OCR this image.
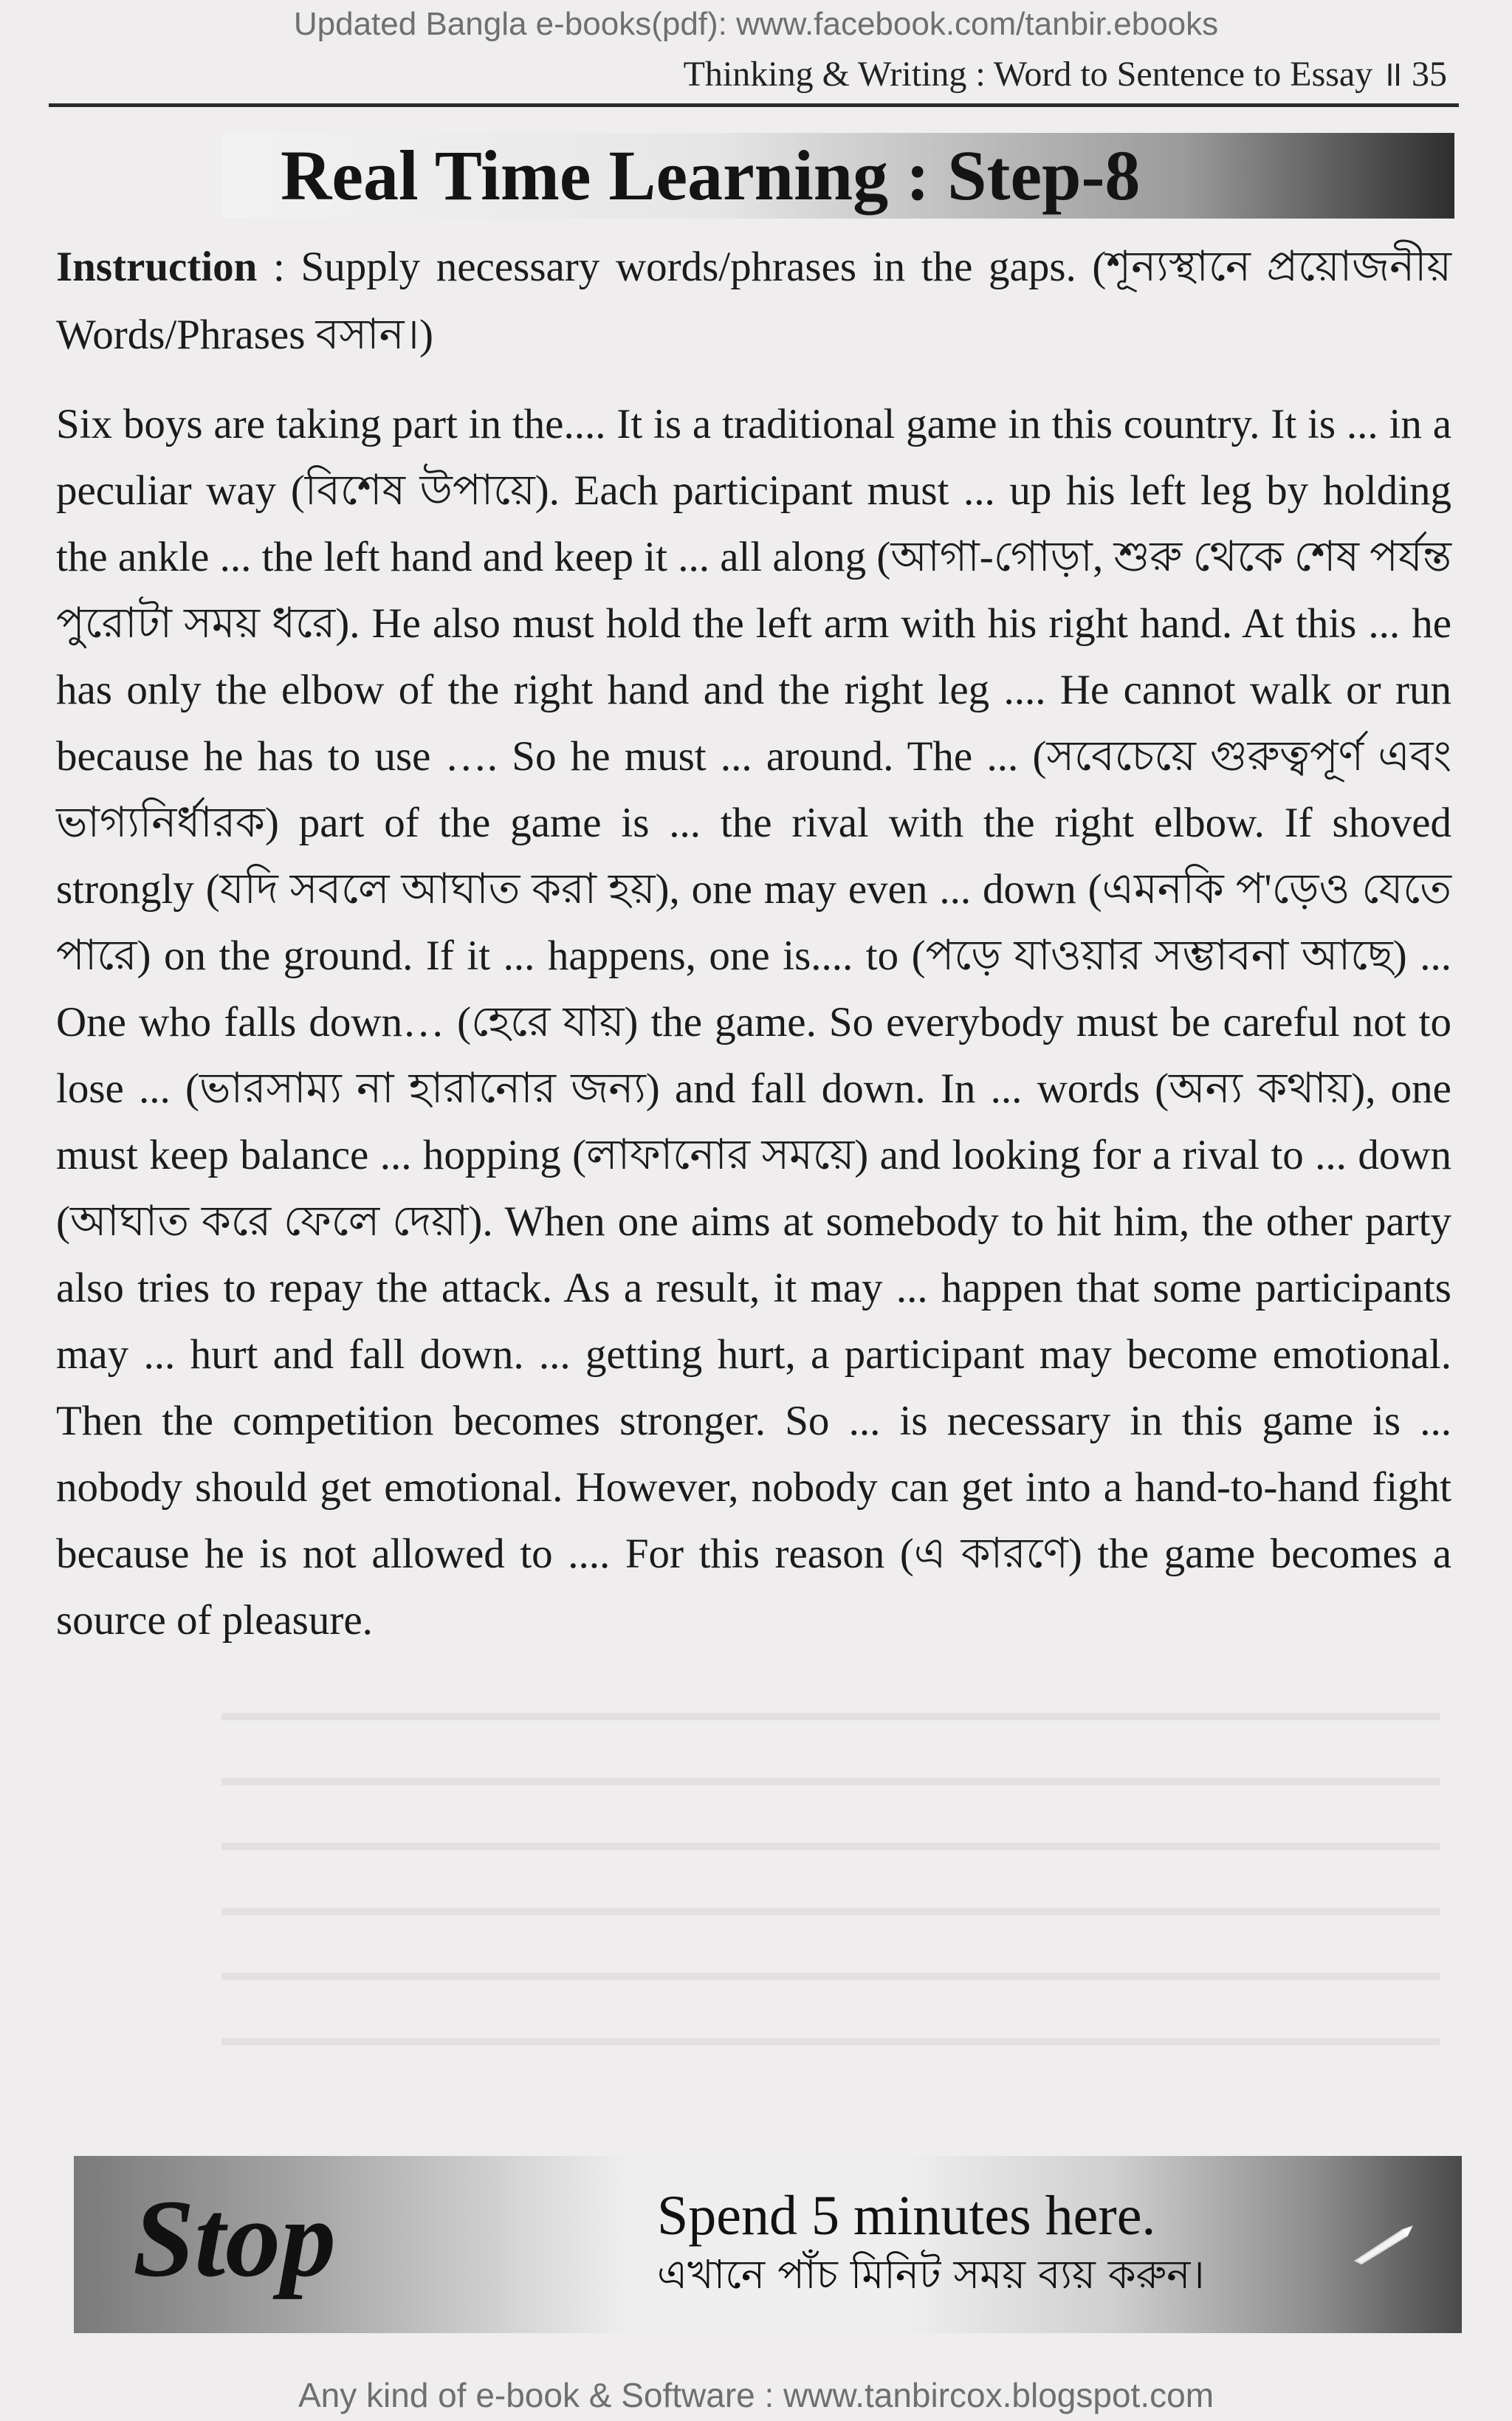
Updated Bangla e-books(pdf): www.facebook.com/tanbir.ebooks
Thinking & Writing : Word to Sentence to Essay ॥ 35
Real Time Learning : Step-8
Instruction : Supply necessary words/phrases in the gaps. (শূন্যস্থানে প্রয়োজনীয় Words/Phrases বসান।)

Six boys are taking part in the.... It is a traditional game in this country. It is ... in a peculiar way (বিশেষ উপায়ে). Each participant must ... up his left leg by holding the ankle ... the left hand and keep it ... all along (আগা-গোড়া, শুরু থেকে শেষ পর্যন্ত পুরোটা সময় ধরে). He also must hold the left arm with his right hand. At this ... he has only the elbow of the right hand and the right leg .... He cannot walk or run because he has to use …. So he must ... around. The ... (সবেচেয়ে গুরুত্বপূর্ণ এবং ভাগ্যনির্ধারক) part of the game is ... the rival with the right elbow. If shoved strongly (যদি সবলে আঘাত করা হয়), one may even ... down (এমনকি প'ড়েও যেতে পারে) on the ground. If it ... happens, one is.... to (পড়ে যাওয়ার সম্ভাবনা আছে) ... One who falls down… (হেরে যায়) the game. So everybody must be careful not to lose ... (ভারসাম্য না হারানোর জন্য) and fall down. In ... words (অন্য কথায়), one must keep balance ... hopping (লাফানোর সময়ে) and looking for a rival to ... down (আঘাত করে ফেলে দেয়া). When one aims at somebody to hit him, the other party also tries to repay the attack. As a result, it may ... happen that some participants may ... hurt and fall down. ... getting hurt, a participant may become emotional. Then the competition becomes stronger. So ... is necessary in this game is ... nobody should get emotional. However, nobody can get into a hand-to-hand fight because he is not allowed to .... For this reason (এ কারণে) the game becomes a source of pleasure.

Stop	Spend 5 minutes here.
এখানে পাঁচ মিনিট সময় ব্যয় করুন।
Any kind of e-book & Software : www.tanbircox.blogspot.com
